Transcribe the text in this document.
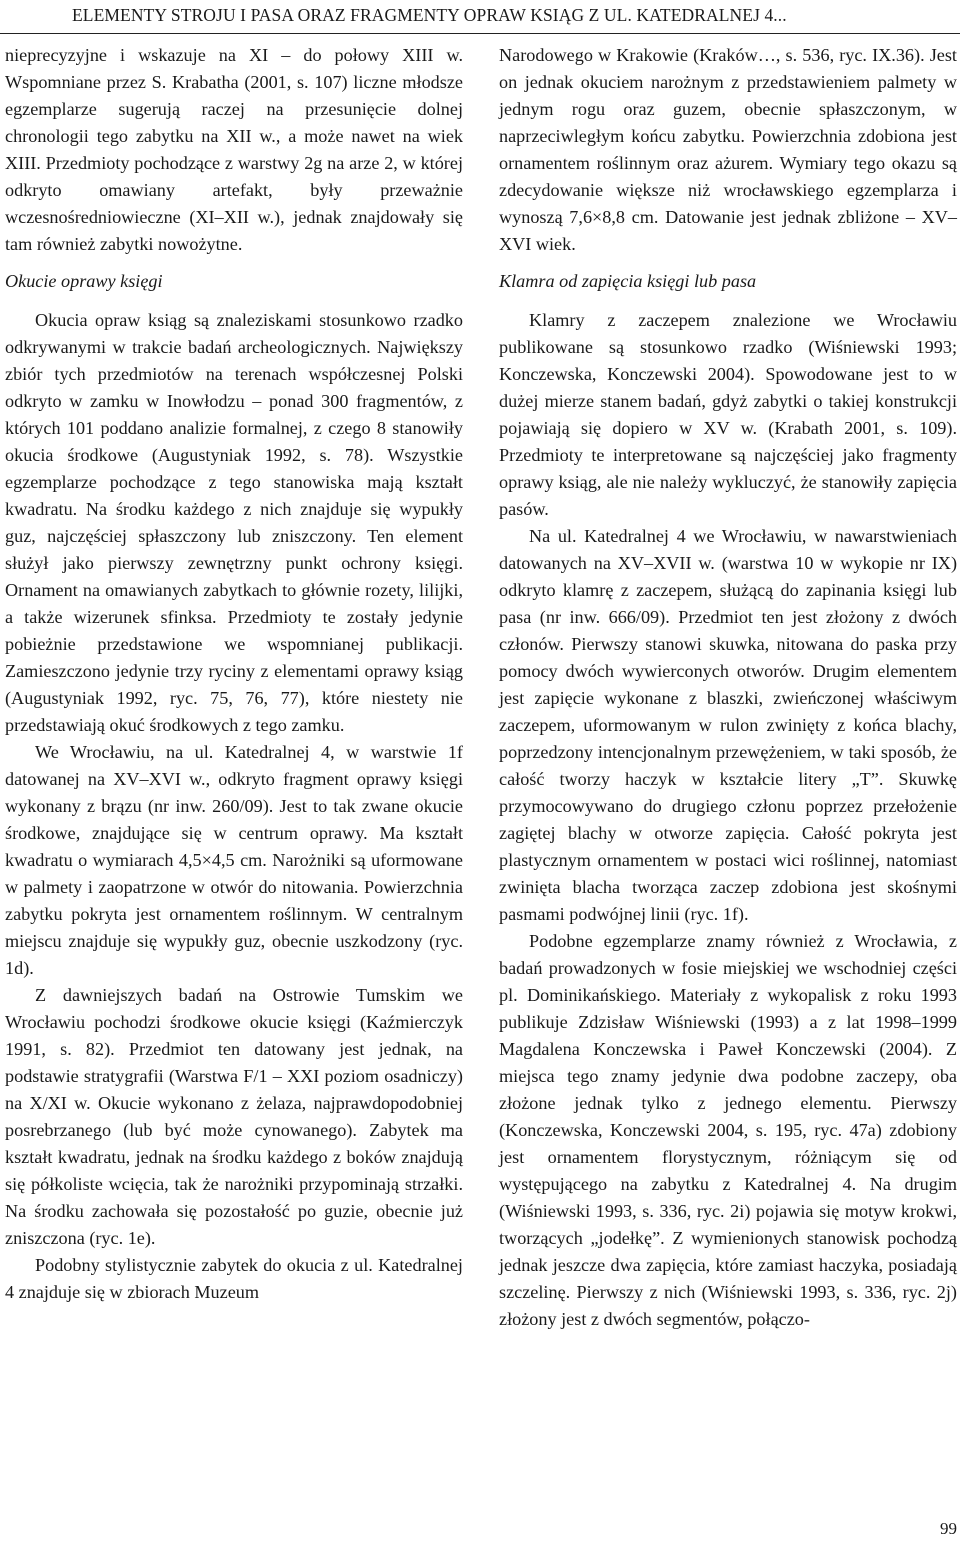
ELEMENTY STROJU I PASA ORAZ FRAGMENTY OPRAW KSIĄG Z UL. KATEDRALNEJ 4...

nieprecyzyjne i wskazuje na XI – do połowy XIII w. Wspomniane przez S. Krabatha (2001, s. 107) liczne młodsze egzemplarze sugerują raczej na przesunięcie dolnej chronologii tego zabytku na XII w., a może nawet na wiek XIII. Przedmioty pochodzące z warstwy 2g na arze 2, w której odkryto omawiany artefakt, były przeważnie wczesnośredniowieczne (XI–XII w.), jednak znajdowały się tam również zabytki nowożytne.

Okucie oprawy księgi

Okucia opraw ksiąg są znaleziskami stosunkowo rzadko odkrywanymi w trakcie badań archeologicznych. Największy zbiór tych przedmiotów na terenach współczesnej Polski odkryto w zamku w Inowłodzu – ponad 300 fragmentów, z których 101 poddano analizie formalnej, z czego 8 stanowiły okucia środkowe (Augustyniak 1992, s. 78). Wszystkie egzemplarze pochodzące z tego stanowiska mają kształt kwadratu. Na środku każdego z nich znajduje się wypukły guz, najczęściej spłaszczony lub zniszczony. Ten element służył jako pierwszy zewnętrzny punkt ochrony księgi. Ornament na omawianych zabytkach to głównie rozety, lilijki, a także wizerunek sfinksa. Przedmioty te zostały jedynie pobieżnie przedstawione we wspomnianej publikacji. Zamieszczono jedynie trzy ryciny z elementami oprawy ksiąg (Augustyniak 1992, ryc. 75, 76, 77), które niestety nie przedstawiają okuć środkowych z tego zamku.

We Wrocławiu, na ul. Katedralnej 4, w warstwie 1f datowanej na XV–XVI w., odkryto fragment oprawy księgi wykonany z brązu (nr inw. 260/09). Jest to tak zwane okucie środkowe, znajdujące się w centrum oprawy. Ma kształt kwadratu o wymiarach 4,5×4,5 cm. Narożniki są uformowane w palmety i zaopatrzone w otwór do nitowania. Powierzchnia zabytku pokryta jest ornamentem roślinnym. W centralnym miejscu znajduje się wypukły guz, obecnie uszkodzony (ryc. 1d).

Z dawniejszych badań na Ostrowie Tumskim we Wrocławiu pochodzi środkowe okucie księgi (Kaźmierczyk 1991, s. 82). Przedmiot ten datowany jest jednak, na podstawie stratygrafii (Warstwa F/1 – XXI poziom osadniczy) na X/XI w. Okucie wykonano z żelaza, najprawdopodobniej posrebrzanego (lub być może cynowanego). Zabytek ma kształt kwadratu, jednak na środku każdego z boków znajdują się półkoliste wcięcia, tak że narożniki przypominają strzałki. Na środku zachowała się pozostałość po guzie, obecnie już zniszczona (ryc. 1e).

Podobny stylistycznie zabytek do okucia z ul. Katedralnej 4 znajduje się w zbiorach Muzeum

Narodowego w Krakowie (Kraków…, s. 536, ryc. IX.36). Jest on jednak okuciem narożnym z przedstawieniem palmety w jednym rogu oraz guzem, obecnie spłaszczonym, w naprzeciwległym końcu zabytku. Powierzchnia zdobiona jest ornamentem roślinnym oraz ażurem. Wymiary tego okazu są zdecydowanie większe niż wrocławskiego egzemplarza i wynoszą 7,6×8,8 cm. Datowanie jest jednak zbliżone – XV–XVI wiek.

Klamra od zapięcia księgi lub pasa

Klamry z zaczepem znalezione we Wrocławiu publikowane są stosunkowo rzadko (Wiśniewski 1993; Konczewska, Konczewski 2004). Spowodowane jest to w dużej mierze stanem badań, gdyż zabytki o takiej konstrukcji pojawiają się dopiero w XV w. (Krabath 2001, s. 109). Przedmioty te interpretowane są najczęściej jako fragmenty oprawy ksiąg, ale nie należy wykluczyć, że stanowiły zapięcia pasów.

Na ul. Katedralnej 4 we Wrocławiu, w nawarstwieniach datowanych na XV–XVII w. (warstwa 10 w wykopie nr IX) odkryto klamrę z zaczepem, służącą do zapinania księgi lub pasa (nr inw. 666/09). Przedmiot ten jest złożony z dwóch członów. Pierwszy stanowi skuwka, nitowana do paska przy pomocy dwóch wywierconych otworów. Drugim elementem jest zapięcie wykonane z blaszki, zwieńczonej właściwym zaczepem, uformowanym w rulon zwinięty z końca blachy, poprzedzony intencjonalnym przewężeniem, w taki sposób, że całość tworzy haczyk w kształcie litery „T”. Skuwkę przymocowywano do drugiego członu poprzez przełożenie zagiętej blachy w otworze zapięcia. Całość pokryta jest plastycznym ornamentem w postaci wici roślinnej, natomiast zwinięta blacha tworząca zaczep zdobiona jest skośnymi pasmami podwójnej linii (ryc. 1f).

Podobne egzemplarze znamy również z Wrocławia, z badań prowadzonych w fosie miejskiej we wschodniej części pl. Dominikańskiego. Materiały z wykopalisk z roku 1993 publikuje Zdzisław Wiśniewski (1993) a z lat 1998–1999 Magdalena Konczewska i Paweł Konczewski (2004). Z miejsca tego znamy jedynie dwa podobne zaczepy, oba złożone jednak tylko z jednego elementu. Pierwszy (Konczewska, Konczewski 2004, s. 195, ryc. 47a) zdobiony jest ornamentem florystycznym, różniącym się od występującego na zabytku z Katedralnej 4. Na drugim (Wiśniewski 1993, s. 336, ryc. 2i) pojawia się motyw krokwi, tworzących „jodełkę”. Z wymienionych stanowisk pochodzą jednak jeszcze dwa zapięcia, które zamiast haczyka, posiadają szczelinę. Pierwszy z nich (Wiśniewski 1993, s. 336, ryc. 2j) złożony jest z dwóch segmentów, połączo-

99
